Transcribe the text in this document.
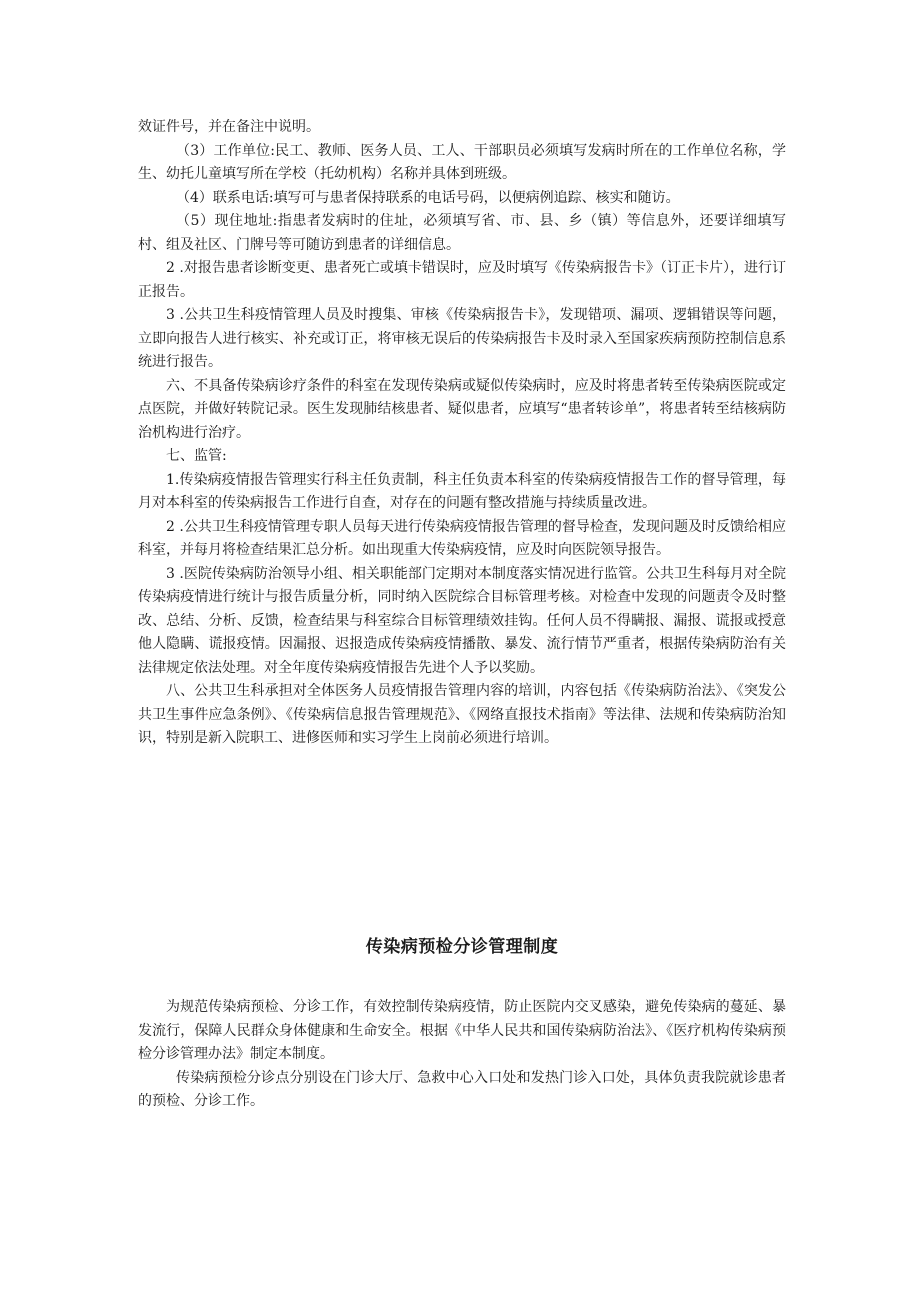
效证件号，并在备注中说明。

（3）工作单位:民工、教师、医务人员、工人、干部职员必须填写发病时所在的工作单位名称，学生、幼托儿童填写所在学校（托幼机构）名称并具体到班级。

（4）联系电话:填写可与患者保持联系的电话号码，以便病例追踪、核实和随访。

（5）现住地址:指患者发病时的住址，必须填写省、市、县、乡（镇）等信息外，还要详细填写村、组及社区、门牌号等可随访到患者的详细信息。

2 .对报告患者诊断变更、患者死亡或填卡错误时，应及时填写《传染病报告卡》（订正卡片），进行订正报告。

3 .公共卫生科疫情管理人员及时搜集、审核《传染病报告卡》，发现错项、漏项、逻辑错误等问题，立即向报告人进行核实、补充或订正，将审核无误后的传染病报告卡及时录入至国家疾病预防控制信息系统进行报告。

六、不具备传染病诊疗条件的科室在发现传染病或疑似传染病时，应及时将患者转至传染病医院或定点医院，并做好转院记录。医生发现肺结核患者、疑似患者，应填写“患者转诊单”，将患者转至结核病防治机构进行治疗。

七、监管:

1.传染病疫情报告管理实行科主任负责制，科主任负责本科室的传染病疫情报告工作的督导管理，每月对本科室的传染病报告工作进行自查，对存在的问题有整改措施与持续质量改进。

2 .公共卫生科疫情管理专职人员每天进行传染病疫情报告管理的督导检查，发现问题及时反馈给相应科室，并每月将检查结果汇总分析。如出现重大传染病疫情，应及时向医院领导报告。

3 .医院传染病防治领导小组、相关职能部门定期对本制度落实情况进行监管。公共卫生科每月对全院传染病疫情进行统计与报告质量分析，同时纳入医院综合目标管理考核。对检查中发现的问题责令及时整改、总结、分析、反馈，检查结果与科室综合目标管理绩效挂钩。任何人员不得瞒报、漏报、谎报或授意他人隐瞒、谎报疫情。因漏报、迟报造成传染病疫情播散、暴发、流行情节严重者，根据传染病防治有关法律规定依法处理。对全年度传染病疫情报告先进个人予以奖励。

八、公共卫生科承担对全体医务人员疫情报告管理内容的培训，内容包括《传染病防治法》、《突发公共卫生事件应急条例》、《传染病信息报告管理规范》、《网络直报技术指南》等法律、法规和传染病防治知识，特别是新入院职工、进修医师和实习学生上岗前必须进行培训。

传染病预检分诊管理制度

为规范传染病预检、分诊工作，有效控制传染病疫情，防止医院内交叉感染，避免传染病的蔓延、暴发流行，保障人民群众身体健康和生命安全。根据《中华人民共和国传染病防治法》、《医疗机构传染病预检分诊管理办法》制定本制度。

传染病预检分诊点分别设在门诊大厅、急救中心入口处和发热门诊入口处，具体负责我院就诊患者的预检、分诊工作。
